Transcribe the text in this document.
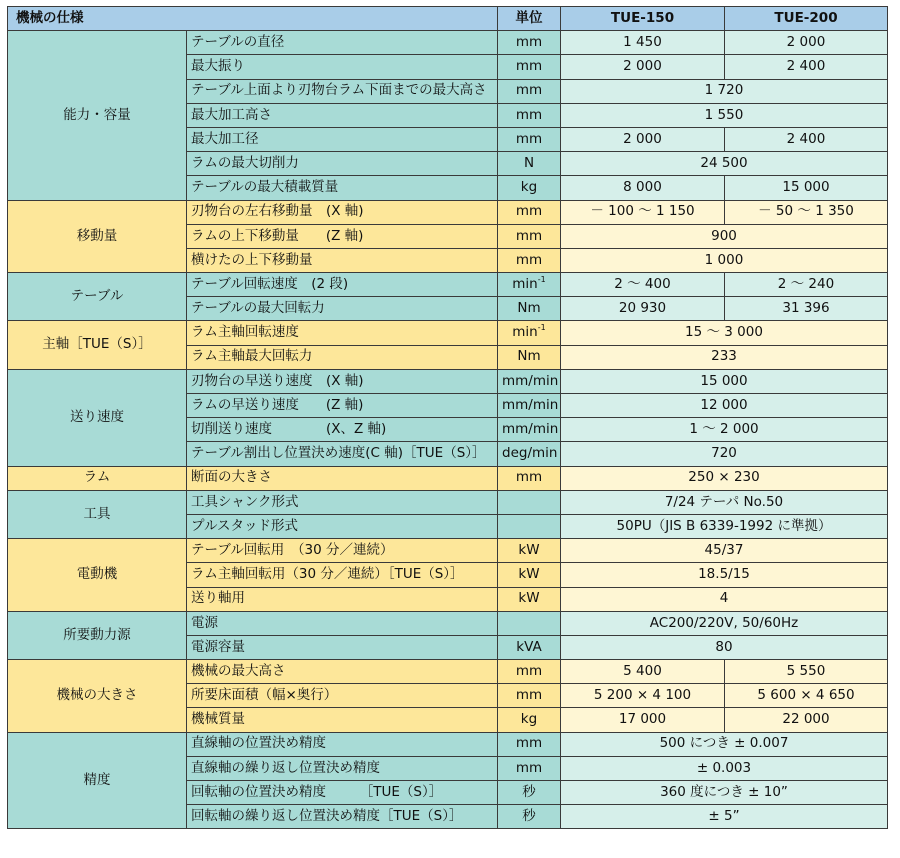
機械の仕様		単位	TUE-150	TUE-200
能力・容量	テーブルの直径	mm	1 450	2 000
	最大振り	mm	2 000	2 400
	テーブル上面より刃物台ラム下面までの最大高さ	mm	1 720	
	最大加工高さ	mm	1 550	
	最大加工径	mm	2 000	2 400
	ラムの最大切削力	N	24 500	
	テーブルの最大積載質量	kg	8 000	15 000
移動量	刃物台の左右移動量　(X 軸)	mm	－ 100 ～ 1 150	－ 50 ～ 1 350
	ラムの上下移動量　　(Z 軸)	mm	900	
	横けたの上下移動量	mm	1 000	
テーブル	テーブル回転速度　(2 段)	$\min^{-1}$	2 ～ 400	2 ～ 240
	テーブルの最大回転力	Nm	20 930	31 396
主軸［TUE（S）］	ラム主軸回転速度	$\min^{-1}$	15 ～ 3 000	
	ラム主軸最大回転力	Nm	233	
送り速度	刃物台の早送り速度　(X 軸)	mm/min	15 000	
	ラムの早送り速度　　(Z 軸)	mm/min	12 000	
	切削送り速度　　　　(X、Z 軸)	mm/min	1 ～ 2 000	
	テーブル割出し位置決め速度(C 軸)［TUE（S）］	deg/min	720	
ラム	断面の大きさ	mm	250 × 230	
工具	工具シャンク形式		7/24 テーパ No.50	
	プルスタッド形式		50PU（JIS B 6339-1992 に準拠）	
電動機	テーブル回転用　（30 分／連続）	kW	45/37	
	ラム主軸回転用（30 分／連続）［TUE（S）］	kW	18.5/15	
	送り軸用	kW	4	
所要動力源	電源		AC200/220V, 50/60Hz	
	電源容量	kVA	80	
機械の大きさ	機械の最大高さ	mm	5 400	5 550
	所要床面積（幅×奥行）	mm	5 200 × 4 100	5 600 × 4 650
	機械質量	kg	17 000	22 000
精度	直線軸の位置決め精度	mm	500 につき ± 0.007	
	直線軸の繰り返し位置決め精度	mm	± 0.003	
	回転軸の位置決め精度　　　［TUE（S）］	秒	360 度につき ± 10”	
	回転軸の繰り返し位置決め精度［TUE（S）］	秒	± 5”	
